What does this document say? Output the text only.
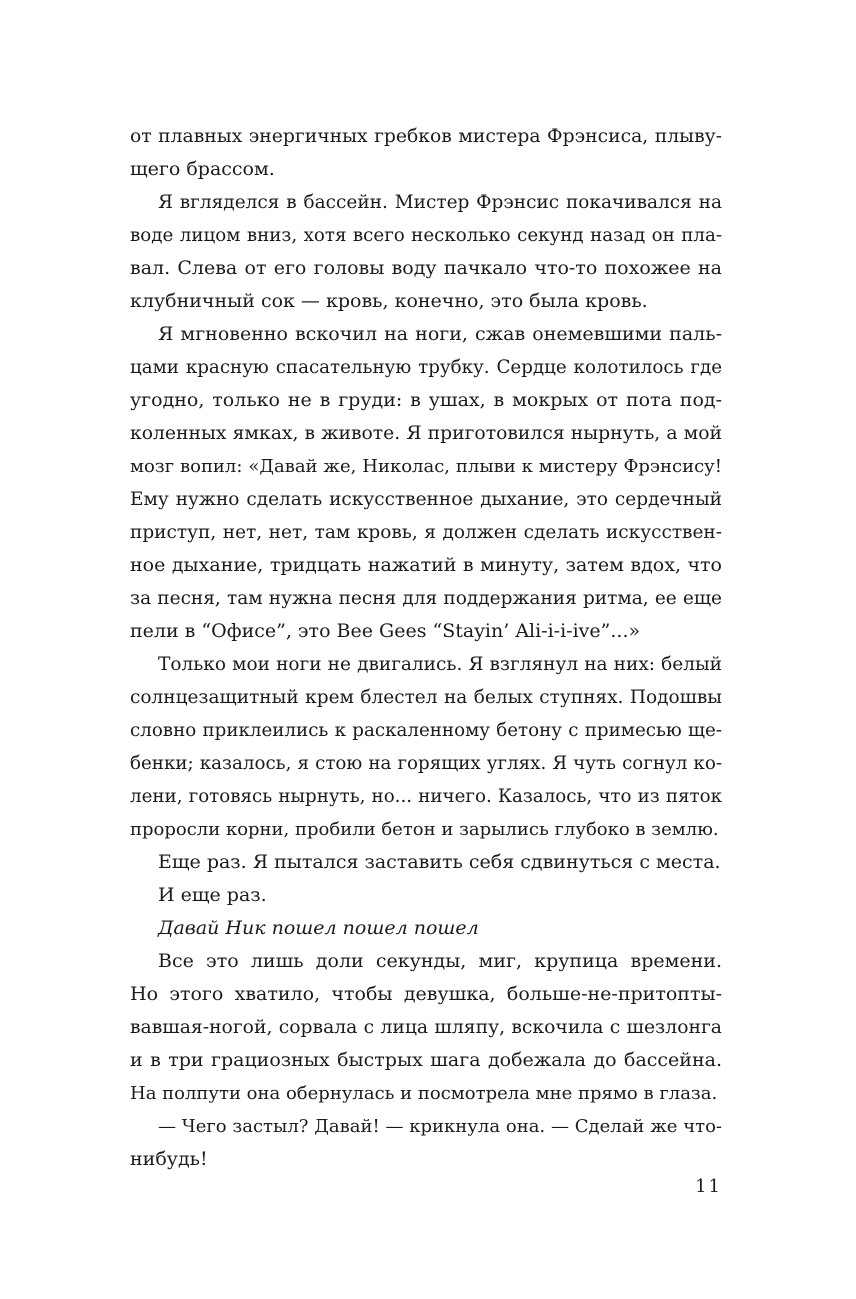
от плавных энергичных гребков мистера Фрэнсиса, плыву-
щего брассом.
Я вгляделся в бассейн. Мистер Фрэнсис покачивался на
воде лицом вниз, хотя всего несколько секунд назад он пла-
вал. Слева от его головы воду пачкало что-то похожее на
клубничный сок — кровь, конечно, это была кровь.
Я мгновенно вскочил на ноги, сжав онемевшими паль-
цами красную спасательную трубку. Сердце колотилось где
угодно, только не в груди: в ушах, в мокрых от пота под-
коленных ямках, в животе. Я приготовился нырнуть, а мой
мозг вопил: «Давай же, Николас, плыви к мистеру Фрэнсису!
Ему нужно сделать искусственное дыхание, это сердечный
приступ, нет, нет, там кровь, я должен сделать искусствен-
ное дыхание, тридцать нажатий в минуту, затем вдох, что
за песня, там нужна песня для поддержания ритма, ее еще
пели в “Офисе”, это Bee Gees “Stayin’ Ali-i-i-ive”...»
Только мои ноги не двигались. Я взглянул на них: белый
солнцезащитный крем блестел на белых ступнях. Подошвы
словно приклеились к раскаленному бетону с примесью ще-
бенки; казалось, я стою на горящих углях. Я чуть согнул ко-
лени, готовясь нырнуть, но... ничего. Казалось, что из пяток
проросли корни, пробили бетон и зарылись глубоко в землю.
Еще раз. Я пытался заставить себя сдвинуться с места.
И еще раз.
Давай Ник пошел пошел пошел
Все это лишь доли секунды, миг, крупица времени.
Но этого хватило, чтобы девушка, больше-не-притопты-
вавшая-ногой, сорвала с лица шляпу, вскочила с шезлонга
и в три грациозных быстрых шага добежала до бассейна.
На полпути она обернулась и посмотрела мне прямо в глаза.
— Чего застыл? Давай! — крикнула она. — Сделай же что-
нибудь!
11
